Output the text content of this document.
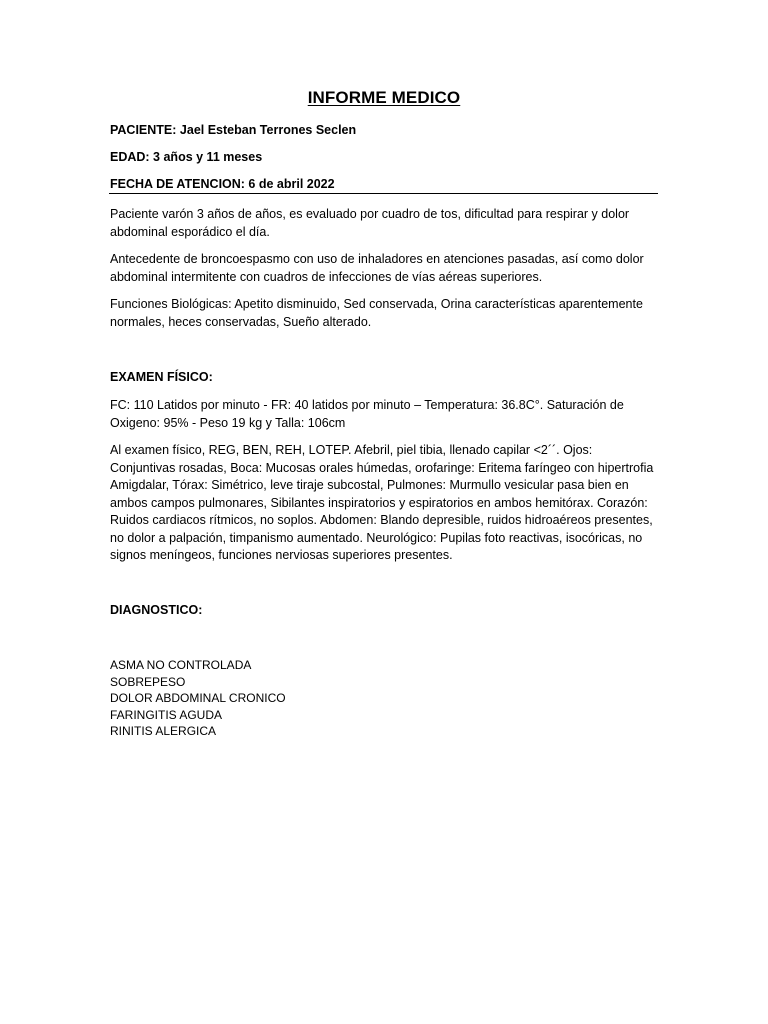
INFORME MEDICO
PACIENTE: Jael Esteban Terrones Seclen
EDAD: 3 años y 11 meses
FECHA DE ATENCION: 6 de abril 2022
Paciente varón 3 años de años, es evaluado por cuadro de tos, dificultad para respirar y dolor abdominal esporádico el día.
Antecedente de broncoespasmo con uso de inhaladores en atenciones pasadas, así como dolor abdominal intermitente con cuadros de infecciones de vías aéreas superiores.
Funciones Biológicas: Apetito disminuido, Sed conservada, Orina características aparentemente normales, heces conservadas, Sueño alterado.
EXAMEN FÍSICO:
FC: 110 Latidos por minuto - FR: 40 latidos por minuto – Temperatura: 36.8C°. Saturación de Oxigeno: 95% - Peso 19 kg y Talla: 106cm
Al examen físico, REG, BEN, REH, LOTEP. Afebril, piel tibia, llenado capilar <2´´. Ojos: Conjuntivas rosadas, Boca: Mucosas orales húmedas, orofaringe: Eritema faríngeo con hipertrofia Amigdalar, Tórax: Simétrico, leve tiraje subcostal, Pulmones: Murmullo vesicular pasa bien en ambos campos pulmonares, Sibilantes inspiratorios y espiratorios en ambos hemitórax. Corazón: Ruidos cardiacos rítmicos, no soplos. Abdomen: Blando depresible, ruidos hidroaéreos presentes, no dolor a palpación, timpanismo aumentado. Neurológico: Pupilas foto reactivas, isocóricas, no signos meníngeos, funciones nerviosas superiores presentes.
DIAGNOSTICO:
ASMA NO CONTROLADA
SOBREPESO
DOLOR ABDOMINAL CRONICO
FARINGITIS AGUDA
RINITIS ALERGICA
